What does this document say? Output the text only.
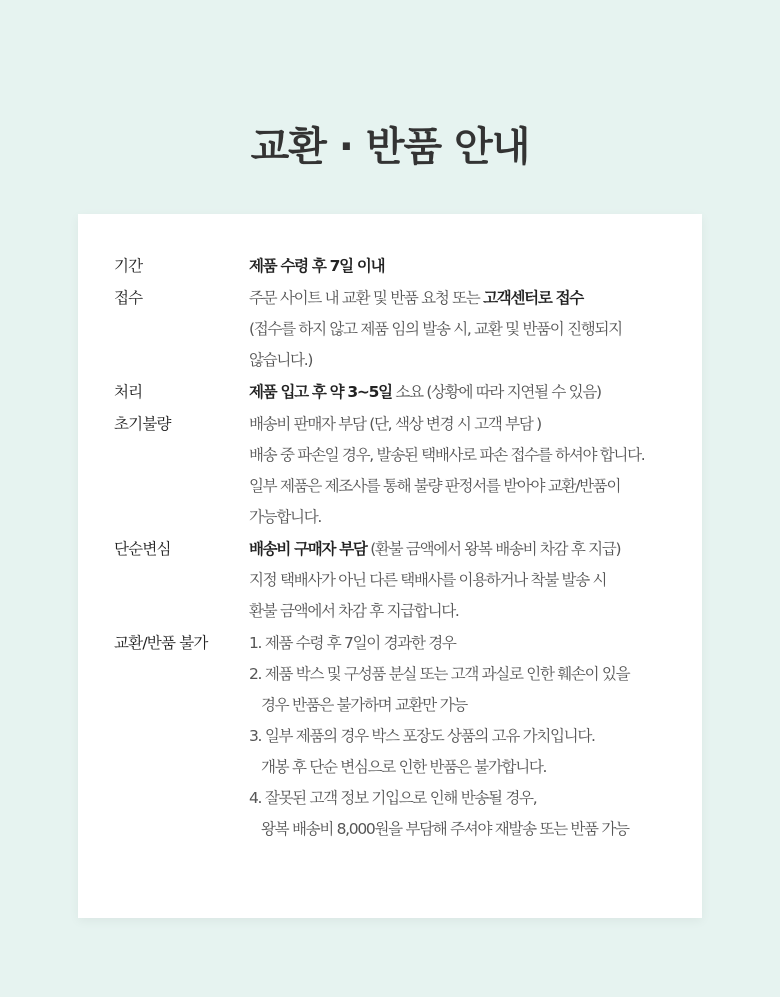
교환 · 반품 안내
기간	제품 수령 후 7일 이내
접수	주문 사이트 내 교환 및 반품 요청 또는 고객센터로 접수
(접수를 하지 않고 제품 임의 발송 시, 교환 및 반품이 진행되지
않습니다.)
처리	제품 입고 후 약 3~5일 소요 (상황에 따라 지연될 수 있음)
초기불량	배송비 판매자 부담 (단, 색상 변경 시 고객 부담 )
배송 중 파손일 경우, 발송된 택배사로 파손 접수를 하셔야 합니다.
일부 제품은 제조사를 통해 불량 판정서를 받아야 교환/반품이
가능합니다.
단순변심	배송비 구매자 부담 (환불 금액에서 왕복 배송비 차감 후 지급)
지정 택배사가 아닌 다른 택배사를 이용하거나 착불 발송 시
환불 금액에서 차감 후 지급합니다.
교환/반품 불가	1. 제품 수령 후 7일이 경과한 경우
2. 제품 박스 및 구성품 분실 또는 고객 과실로 인한 훼손이 있을
경우 반품은 불가하며 교환만 가능
3. 일부 제품의 경우 박스 포장도 상품의 고유 가치입니다.
개봉 후 단순 변심으로 인한 반품은 불가합니다.
4. 잘못된 고객 정보 기입으로 인해 반송될 경우,
왕복 배송비 8,000원을 부담해 주셔야 재발송 또는 반품 가능
